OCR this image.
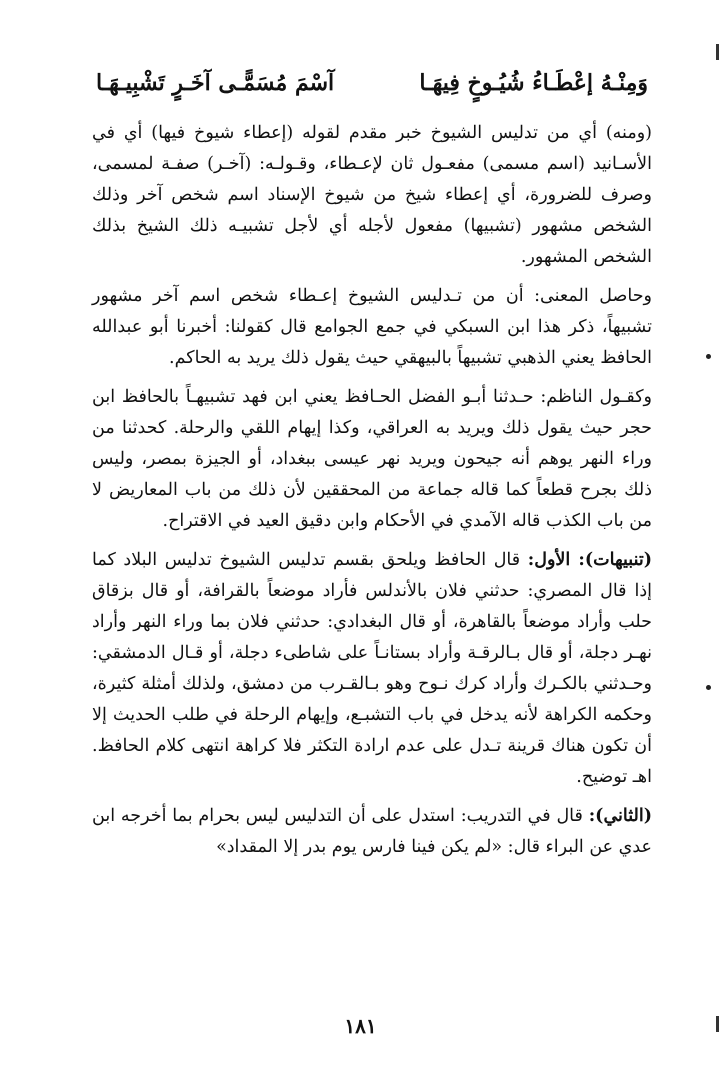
وَمِنْـهُ إعْطَـاءُ شُيُـوخٍ فِيهَـا
آسْمَ مُسَمًّـى آخَـرٍ تَشْبِيـهَـا

(ومنه) أي من تدليس الشيوخ خبر مقدم لقوله (إعطاء شيوخ فيها) أي في الأسـانيد (اسم مسمى) مفعـول ثان لإعـطاء، وقـولـه: (آخـر) صفـة لمسمى، وصرف للضرورة، أي إعطاء شيخ من شيوخ الإسناد اسم شخص آخر وذلك الشخص مشهور (تشبيها) مفعول لأجله أي لأجل تشبيـه ذلك الشيخ بذلك الشخص المشهور.

وحاصل المعنى: أن من تـدليس الشيوخ إعـطاء شخص اسم آخر مشهور تشبيهاً، ذكر هذا ابن السبكي في جمع الجوامع قال كقولنا: أخبرنا أبو عبدالله الحافظ يعني الذهبي تشبيهاً بالبيهقي حيث يقول ذلك يريد به الحاكم.

وكقـول الناظم: حـدثنا أبـو الفضل الحـافظ يعني ابن فهد تشبيهـاً بالحافظ ابن حجر حيث يقول ذلك ويريد به العراقي، وكذا إيهام اللقي والرحلة. كحدثنا من وراء النهر يوهم أنه جيحون ويريد نهر عيسى ببغداد، أو الجيزة بمصر، وليس ذلك بجرح قطعاً كما قاله جماعة من المحققين لأن ذلك من باب المعاريض لا من باب الكذب قاله الآمدي في الأحكام وابن دقيق العيد في الاقتراح.

(تنبيهات): الأول: قال الحافظ ويلحق بقسم تدليس الشيوخ تدليس البلاد كما إذا قال المصري: حدثني فلان بالأندلس فأراد موضعاً بالقرافة، أو قال بزقاق حلب وأراد موضعاً بالقاهرة، أو قال البغدادي: حدثني فلان بما وراء النهر وأراد نهـر دجلة، أو قال بـالرقـة وأراد بستانـاً على شاطىء دجلة، أو قـال الدمشقي: وحـدثني بالكـرك وأراد كرك نـوح وهو بـالقـرب من دمشق، ولذلك أمثلة كثيرة، وحكمه الكراهة لأنه يدخل في باب التشبـع، وإيهام الرحلة في طلب الحديث إلا أن تكون هناك قرينة تـدل على عدم ارادة التكثر فلا كراهة انتهى كلام الحافظ. اهـ توضيح.

(الثاني): قال في التدريب: استدل على أن التدليس ليس بحرام بما أخرجه ابن عدي عن البراء قال: «لم يكن فينا فارس يوم بدر إلا المقداد»

١٨١
